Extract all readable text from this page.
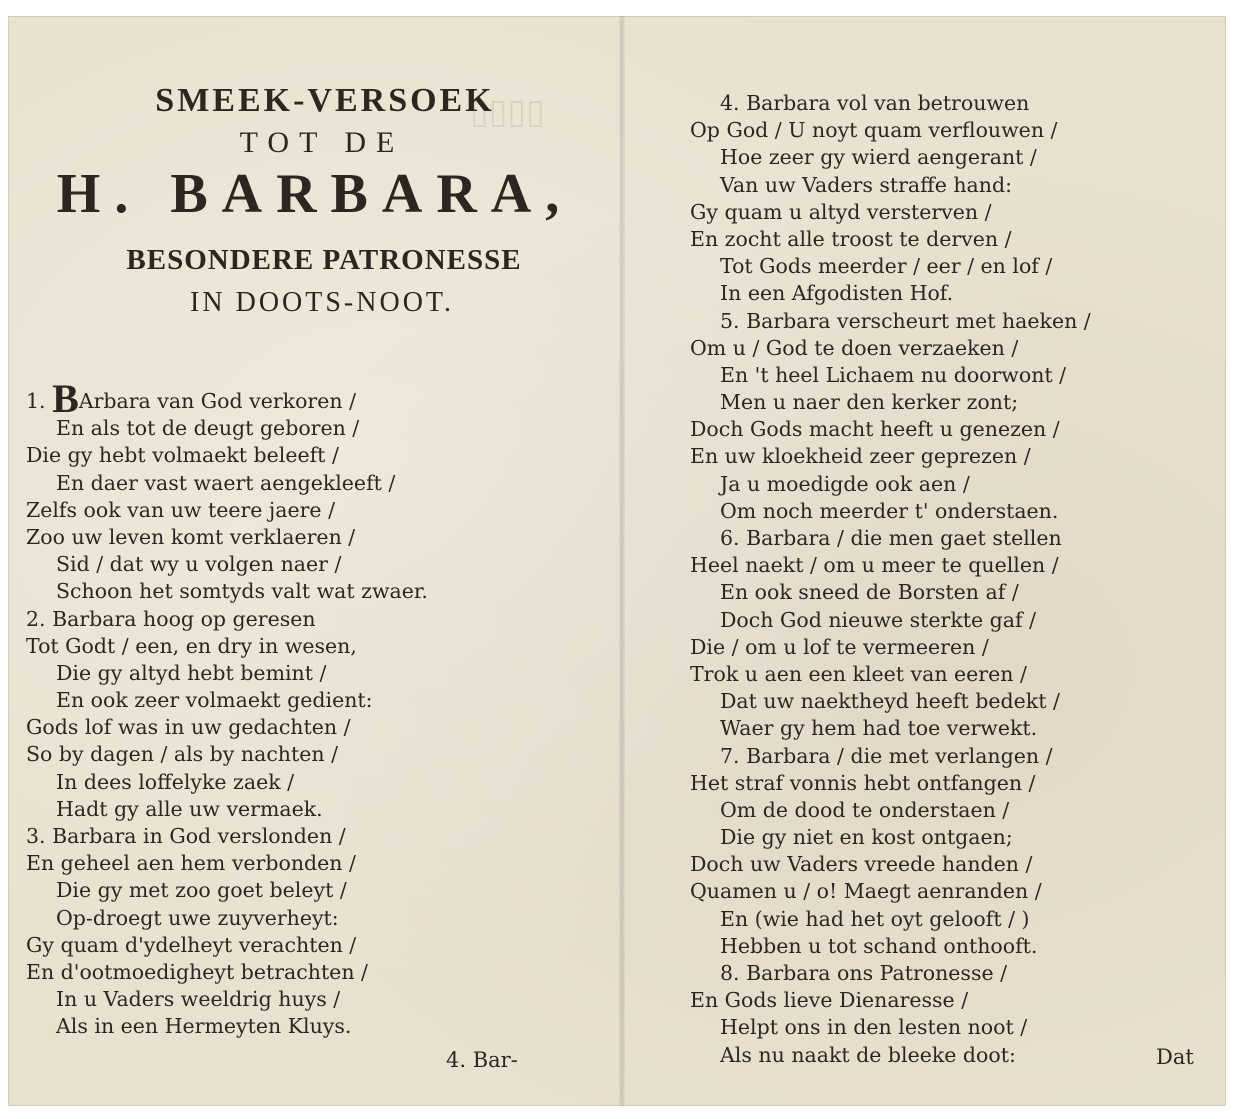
▯▯▯▯
SMEEK-VERSOEK
TOT DE
H. BARBARA,
BESONDERE PATRONESSE
IN DOOTS-NOOT.
1. BArbara van God verkoren /
En als tot de deugt geboren /
Die gy hebt volmaekt beleeft /
En daer vast waert aengekleeft /
Zelfs ook van uw teere jaere /
Zoo uw leven komt verklaeren /
Sid / dat wy u volgen naer /
Schoon het somtyds valt wat zwaer.
2. Barbara hoog op geresen
Tot Godt / een, en dry in wesen,
Die gy altyd hebt bemint /
En ook zeer volmaekt gedient:
Gods lof was in uw gedachten /
So by dagen / als by nachten /
In dees loffelyke zaek /
Hadt gy alle uw vermaek.
3. Barbara in God verslonden /
En geheel aen hem verbonden /
Die gy met zoo goet beleyt /
Op-droegt uwe zuyverheyt:
Gy quam d'ydelheyt verachten /
En d'ootmoedigheyt betrachten /
In u Vaders weeldrig huys /
Als in een Hermeyten Kluys.
4. Bar-
4. Barbara vol van betrouwen
Op God / U noyt quam verflouwen /
Hoe zeer gy wierd aengerant /
Van uw Vaders straffe hand:
Gy quam u altyd versterven /
En zocht alle troost te derven /
Tot Gods meerder / eer / en lof /
In een Afgodisten Hof.
5. Barbara verscheurt met haeken /
Om u / God te doen verzaeken /
En 't heel Lichaem nu doorwont /
Men u naer den kerker zont;
Doch Gods macht heeft u genezen /
En uw kloekheid zeer geprezen /
Ja u moedigde ook aen /
Om noch meerder t' onderstaen.
6. Barbara / die men gaet stellen
Heel naekt / om u meer te quellen /
En ook sneed de Borsten af /
Doch God nieuwe sterkte gaf /
Die / om u lof te vermeeren /
Trok u aen een kleet van eeren /
Dat uw naektheyd heeft bedekt /
Waer gy hem had toe verwekt.
7. Barbara / die met verlangen /
Het straf vonnis hebt ontfangen /
Om de dood te onderstaen /
Die gy niet en kost ontgaen;
Doch uw Vaders vreede handen /
Quamen u / o! Maegt aenranden /
En (wie had het oyt gelooft / )
Hebben u tot schand onthooft.
8. Barbara ons Patronesse /
En Gods lieve Dienaresse /
Helpt ons in den lesten noot /
Als nu naakt de bleeke doot:	Dat
